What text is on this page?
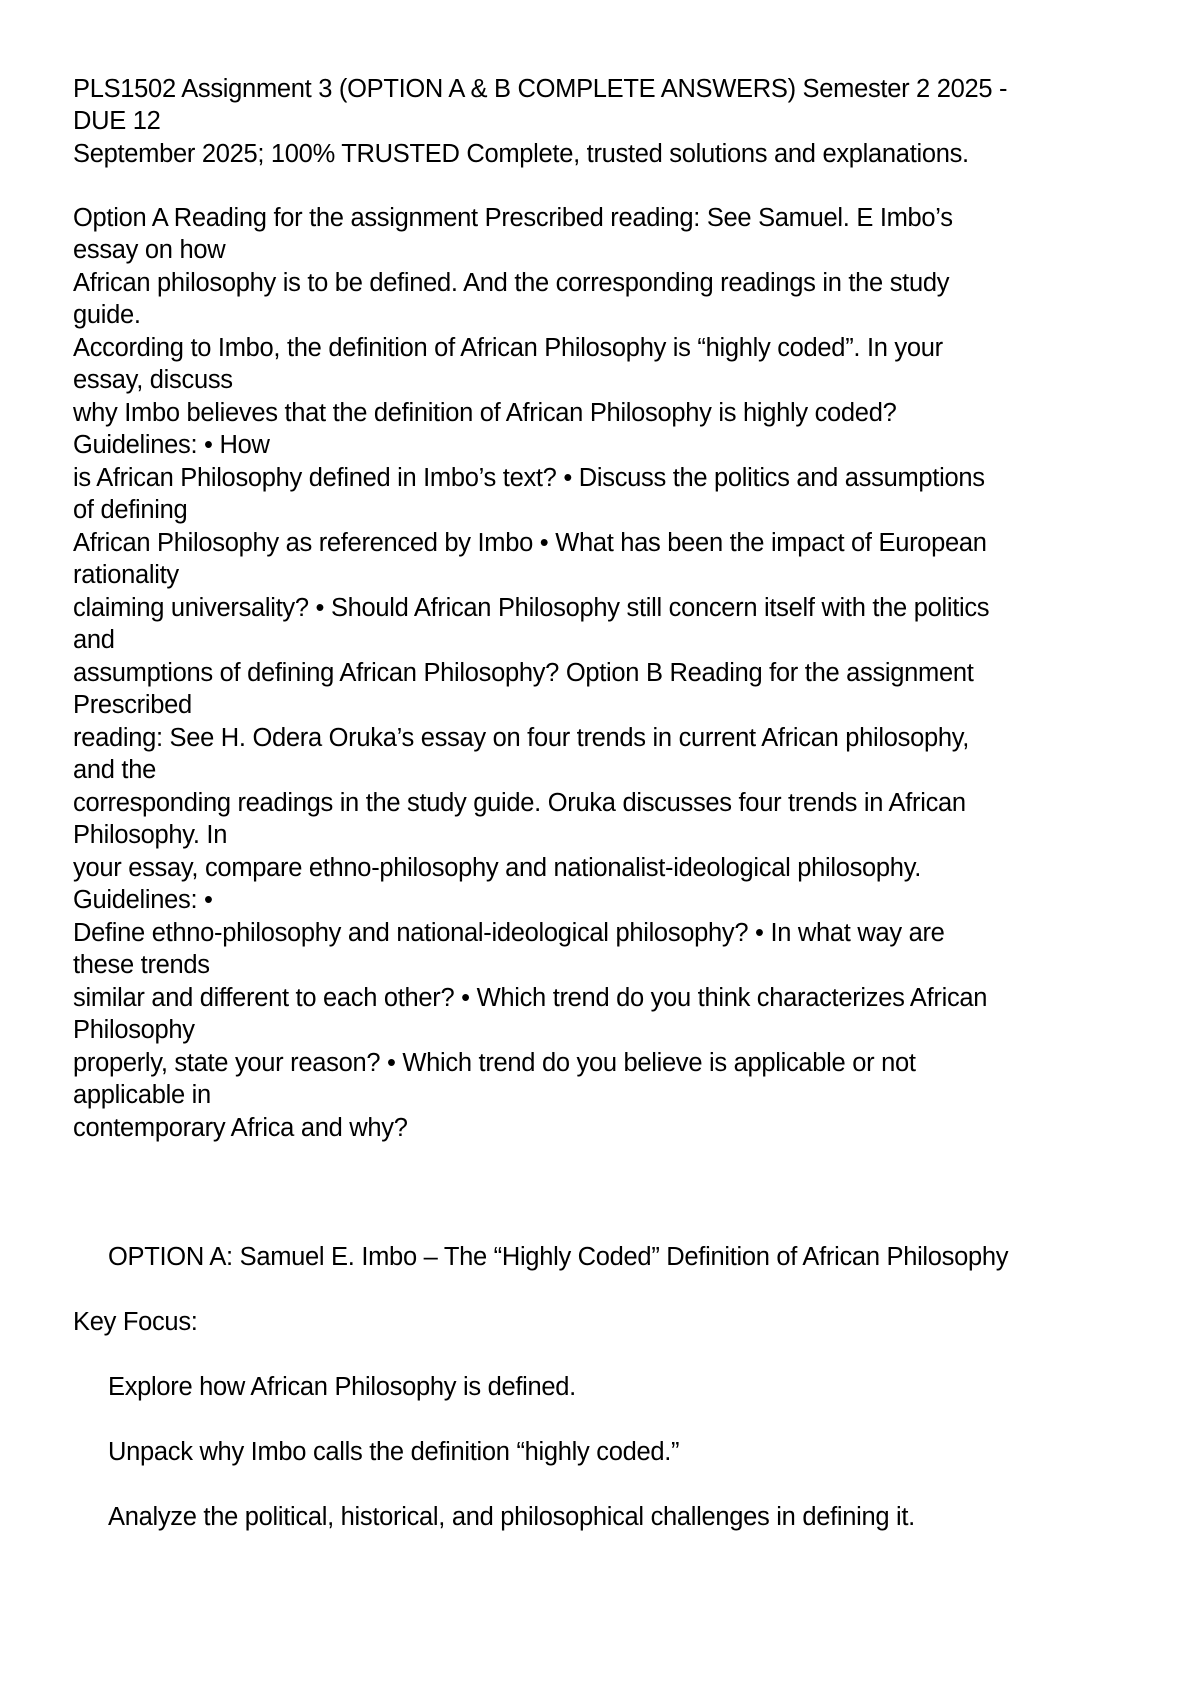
PLS1502 Assignment 3 (OPTION A & B COMPLETE ANSWERS) Semester 2 2025 -
DUE 12
September 2025; 100% TRUSTED Complete, trusted solutions and explanations.
Option A Reading for the assignment Prescribed reading: See Samuel. E Imbo’s
essay on how
African philosophy is to be defined. And the corresponding readings in the study
guide.
According to Imbo, the definition of African Philosophy is “highly coded”. In your
essay, discuss
why Imbo believes that the definition of African Philosophy is highly coded?
Guidelines: • How
is African Philosophy defined in Imbo’s text? • Discuss the politics and assumptions
of defining
African Philosophy as referenced by Imbo • What has been the impact of European
rationality
claiming universality? • Should African Philosophy still concern itself with the politics
and
assumptions of defining African Philosophy? Option B Reading for the assignment
Prescribed
reading: See H. Odera Oruka’s essay on four trends in current African philosophy,
and the
corresponding readings in the study guide. Oruka discusses four trends in African
Philosophy. In
your essay, compare ethno-philosophy and nationalist-ideological philosophy.
Guidelines: •
Define ethno-philosophy and national-ideological philosophy? • In what way are
these trends
similar and different to each other? • Which trend do you think characterizes African
Philosophy
properly, state your reason? • Which trend do you believe is applicable or not
applicable in
contemporary Africa and why?
OPTION A: Samuel E. Imbo – The “Highly Coded” Definition of African Philosophy
Key Focus:
Explore how African Philosophy is defined.
Unpack why Imbo calls the definition “highly coded.”
Analyze the political, historical, and philosophical challenges in defining it.
